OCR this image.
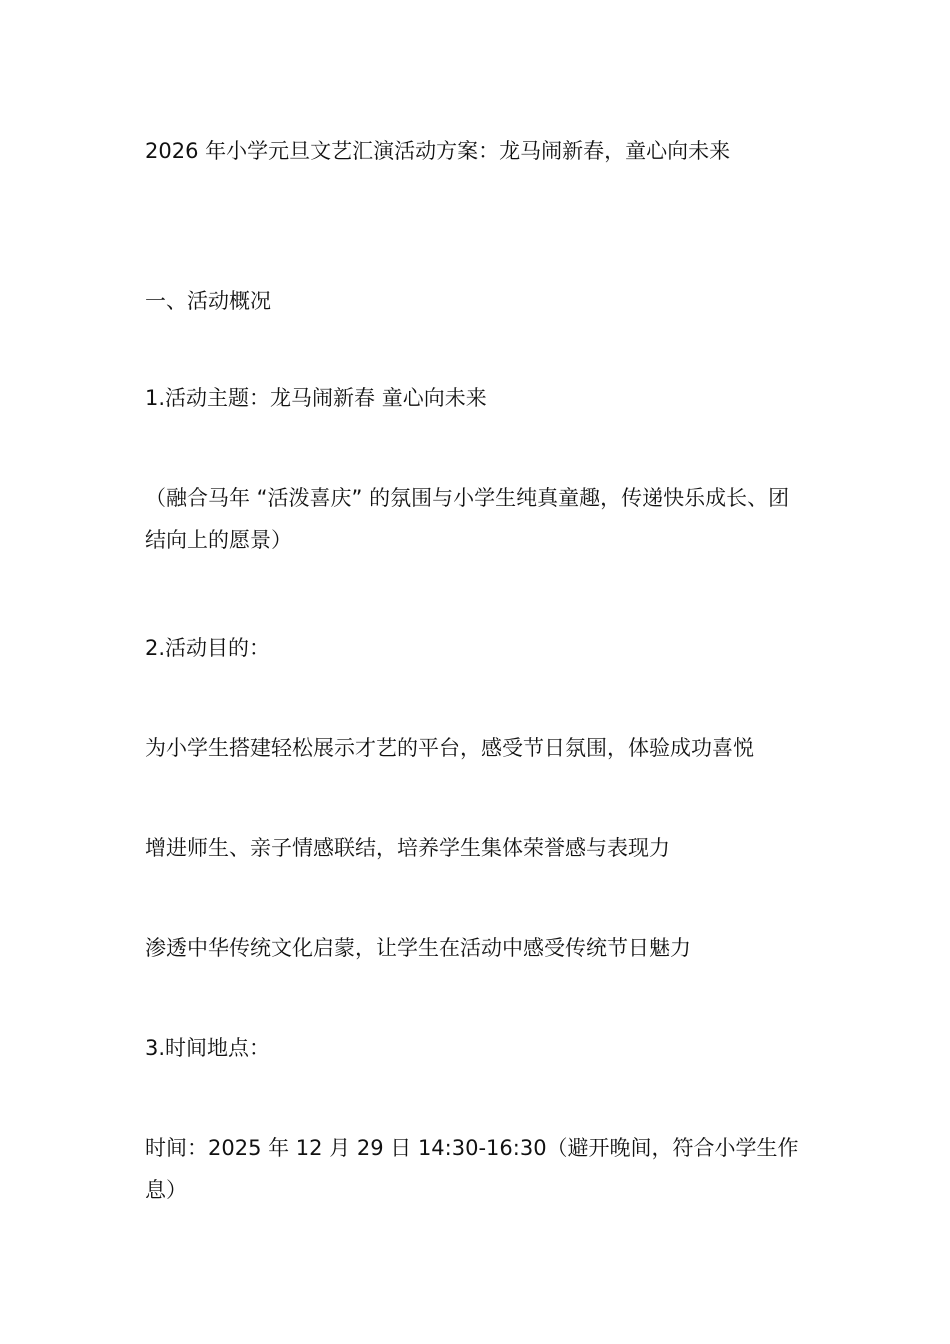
2026 年小学元旦文艺汇演活动方案：龙马闹新春，童心向未来

一、活动概况

1.活动主题：龙马闹新春 童心向未来

（融合马年 “活泼喜庆” 的氛围与小学生纯真童趣，传递快乐成长、团结向上的愿景）

2.活动目的：

为小学生搭建轻松展示才艺的平台，感受节日氛围，体验成功喜悦

增进师生、亲子情感联结，培养学生集体荣誉感与表现力

渗透中华传统文化启蒙，让学生在活动中感受传统节日魅力

3.时间地点：

时间：2025 年 12 月 29 日 14:30-16:30（避开晚间，符合小学生作息）
